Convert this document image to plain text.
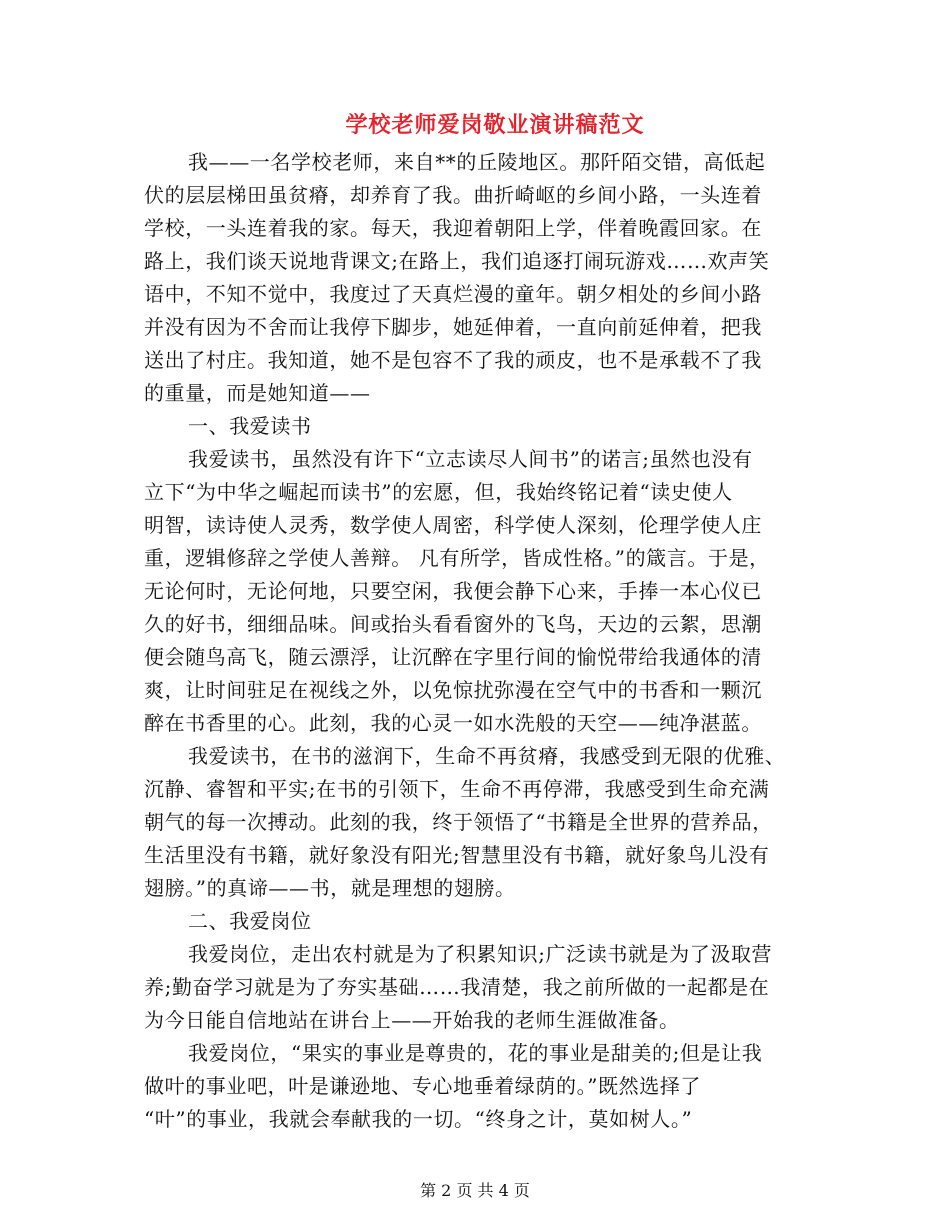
学校老师爱岗敬业演讲稿范文
我——一名学校老师，来自**的丘陵地区。那阡陌交错，高低起
伏的层层梯田虽贫瘠，却养育了我。曲折崎岖的乡间小路，一头连着
学校，一头连着我的家。每天，我迎着朝阳上学，伴着晚霞回家。在
路上，我们谈天说地背课文;在路上，我们追逐打闹玩游戏……欢声笑
语中，不知不觉中，我度过了天真烂漫的童年。朝夕相处的乡间小路
并没有因为不舍而让我停下脚步，她延伸着，一直向前延伸着，把我
送出了村庄。我知道，她不是包容不了我的顽皮，也不是承载不了我
的重量，而是她知道——
一、我爱读书
我爱读书，虽然没有许下“立志读尽人间书”的诺言;虽然也没有
立下“为中华之崛起而读书”的宏愿，但，我始终铭记着“读史使人
明智，读诗使人灵秀，数学使人周密，科学使人深刻，伦理学使人庄
重，逻辑修辞之学使人善辩。 凡有所学，皆成性格。”的箴言。于是，
无论何时，无论何地，只要空闲，我便会静下心来，手捧一本心仪已
久的好书，细细品味。间或抬头看看窗外的飞鸟，天边的云絮，思潮
便会随鸟高飞，随云漂浮，让沉醉在字里行间的愉悦带给我通体的清
爽，让时间驻足在视线之外，以免惊扰弥漫在空气中的书香和一颗沉
醉在书香里的心。此刻，我的心灵一如水洗般的天空——纯净湛蓝。
我爱读书，在书的滋润下，生命不再贫瘠，我感受到无限的优雅、
沉静、睿智和平实;在书的引领下，生命不再停滞，我感受到生命充满
朝气的每一次搏动。此刻的我，终于领悟了“书籍是全世界的营养品，
生活里没有书籍，就好象没有阳光;智慧里没有书籍，就好象鸟儿没有
翅膀。”的真谛——书，就是理想的翅膀。
二、我爱岗位
我爱岗位，走出农村就是为了积累知识;广泛读书就是为了汲取营
养;勤奋学习就是为了夯实基础……我清楚，我之前所做的一起都是在
为今日能自信地站在讲台上——开始我的老师生涯做准备。
我爱岗位，“果实的事业是尊贵的，花的事业是甜美的;但是让我
做叶的事业吧，叶是谦逊地、专心地垂着绿荫的。”既然选择了
“叶”的事业，我就会奉献我的一切。“终身之计，莫如树人。”
第 2 页 共 4 页
